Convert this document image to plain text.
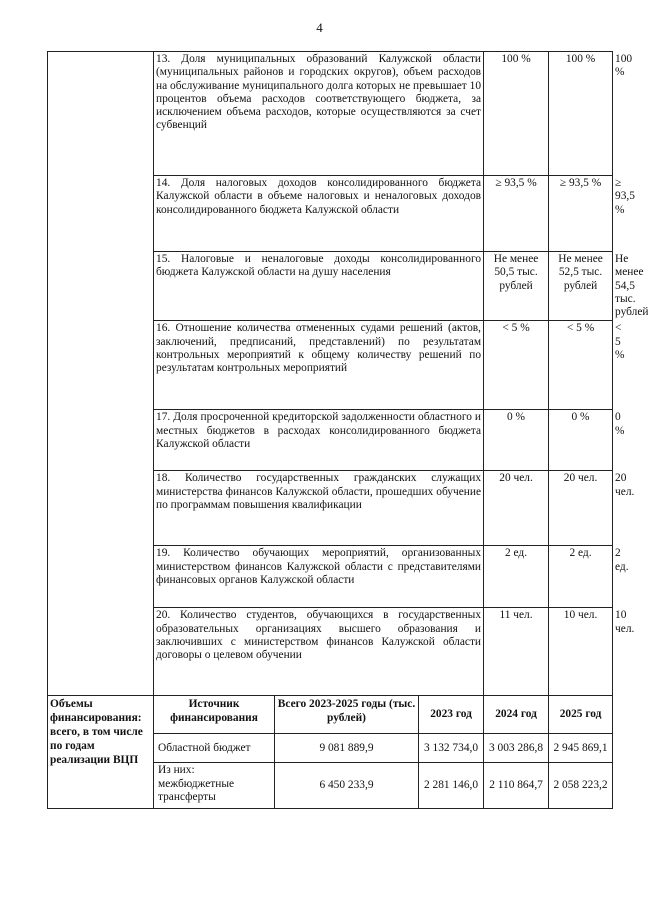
4
	13. Доля муниципальных образований Калужской области (муниципальных районов и городских округов), объем расходов на обслуживание муниципального долга которых не превышает 10 процентов объема расходов соответствующего бюджета, за исключением объема расходов, которые осуществляются за счет субвенций			100 %	100 %	100 %
	14. Доля налоговых доходов консолидированного бюджета Калужской области в объеме налоговых и неналоговых доходов консолидированного бюджета Калужской области			≥ 93,5 %	≥ 93,5 %	≥ 93,5 %
	15. Налоговые и неналоговые доходы консолидированного бюджета Калужской области на душу населения			Не менее 50,5 тыс. рублей	Не менее 52,5 тыс. рублей	Не менее 54,5 тыс. рублей
	16. Отношение количества отмененных судами решений (актов, заключений, предписаний, представлений) по результатам контрольных мероприятий к общему количеству решений по результатам контрольных мероприятий			< 5 %	< 5 %	< 5 %
	17. Доля просроченной кредиторской задолженности областного и местных бюджетов в расходах консолидированного бюджета Калужской области			0 %	0 %	0 %
	18. Количество государственных гражданских служащих министерства финансов Калужской области, прошедших обучение по программам повышения квалификации			20 чел.	20 чел.	20 чел.
	19. Количество обучающих мероприятий, организованных министерством финансов Калужской области с представителями финансовых органов Калужской области			2 ед.	2 ед.	2 ед.
	20. Количество студентов, обучающихся в государственных образовательных организациях высшего образования и заключивших с министерством финансов Калужской области договоры о целевом обучении			11 чел.	10 чел.	10 чел.
Объемы финансирования: всего, в том числе по годам реализации ВЦП	Источник финансирования	Всего 2023-2025 годы (тыс. рублей)	2023 год	2024 год	2025 год	
	Областной бюджет	9 081 889,9	3 132 734,0	3 003 286,8	2 945 869,1	
	Из них: межбюджетные трансферты	6 450 233,9	2 281 146,0	2 110 864,7	2 058 223,2	
